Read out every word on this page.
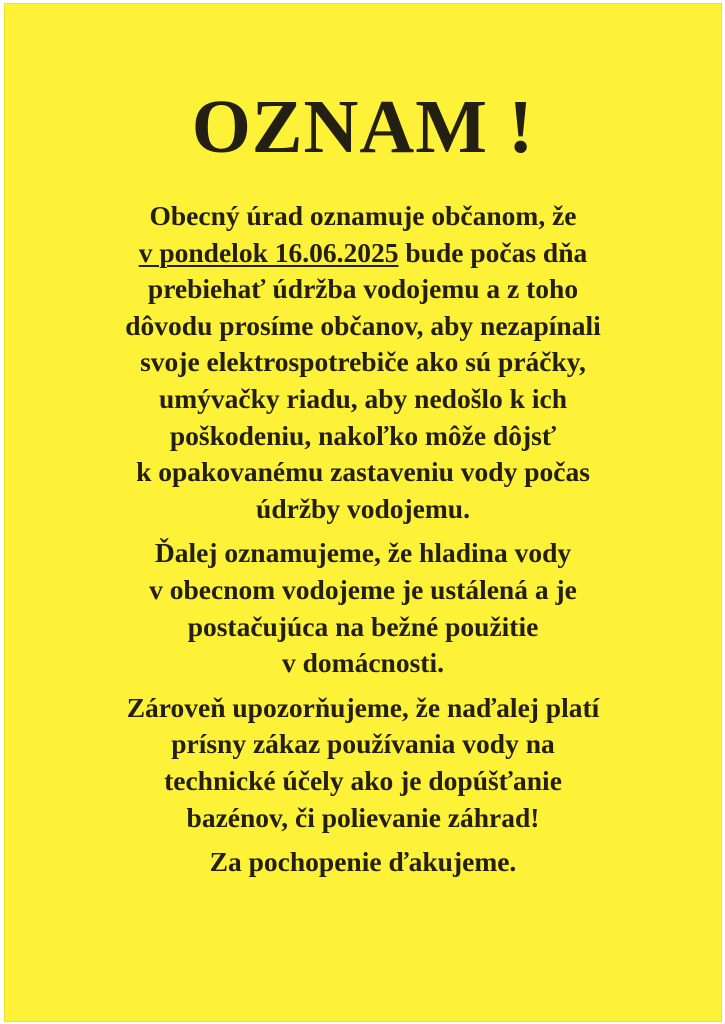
OZNAM !

Obecný úrad oznamuje občanom, že
v pondelok 16.06.2025 bude počas dňa
prebiehať údržba vodojemu a z toho
dôvodu prosíme občanov, aby nezapínali
svoje elektrospotrebiče ako sú práčky,
umývačky riadu, aby nedošlo k ich
poškodeniu, nakoľko môže dôjsť
k opakovanému zastaveniu vody počas
údržby vodojemu.

Ďalej oznamujeme, že hladina vody
v obecnom vodojeme je ustálená a je
postačujúca na bežné použitie
v domácnosti.

Zároveň upozorňujeme, že naďalej platí
prísny zákaz používania vody na
technické účely ako je dopúšťanie
bazénov, či polievanie záhrad!

Za pochopenie ďakujeme.
